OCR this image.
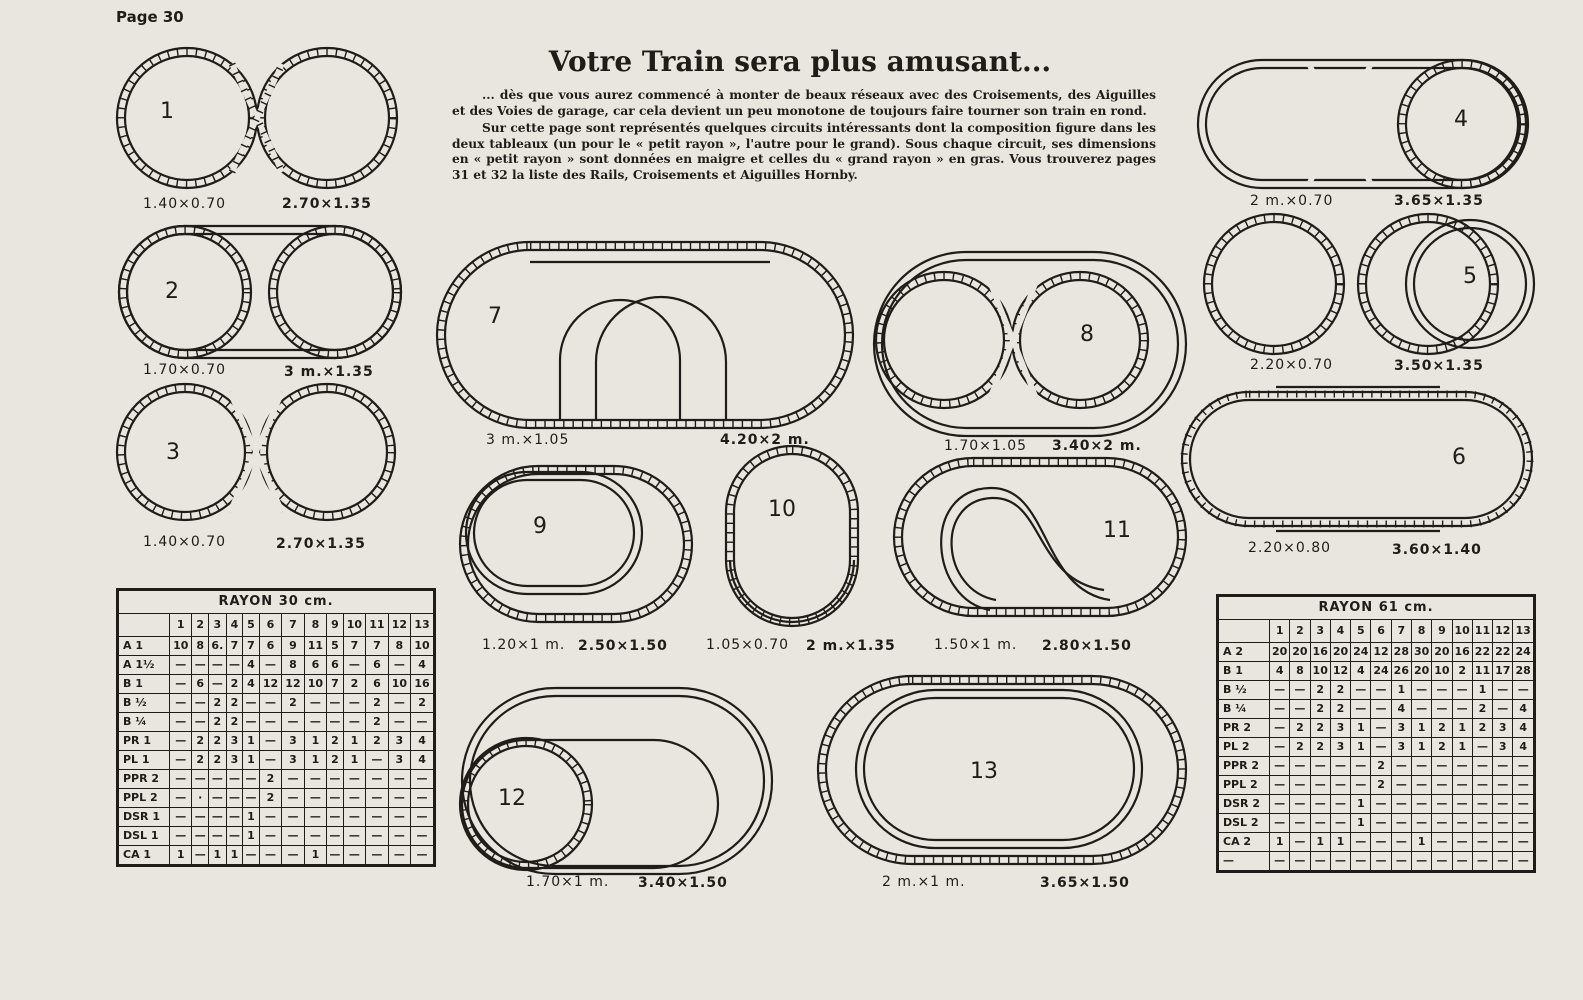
Page 30
Votre Train sera plus amusant...

... dès que vous aurez commencé à monter de beaux réseaux avec des Croisements, des Aiguilles et des Voies de garage, car cela devient un peu monotone de toujours faire tourner son train en rond.

Sur cette page sont représentés quelques circuits intéressants dont la composition figure dans les deux tableaux (un pour le « petit rayon », l'autre pour le grand). Sous chaque circuit, ses dimensions en « petit rayon » sont données en maigre et celles du « grand rayon » en gras. Vous trouverez pages 31 et 32 la liste des Rails, Croisements et Aiguilles Hornby.

1
2
3
4
5
6
7
8
9
10
11
12
13
1.40×0.70	2.70×1.35
1.70×0.70	3 m.×1.35
1.40×0.70	2.70×1.35
2 m.×0.70	3.65×1.35
2.20×0.70	3.50×1.35
2.20×0.80	3.60×1.40
3 m.×1.05	4.20×2 m.	1.70×1.05 3.40×2 m.
1.20×1 m. 2.50×1.50	1.05×0.70 2 m.×1.35	1.50×1 m. 2.80×1.50
1.70×1 m. 3.40×1.50	2 m.×1 m.	3.65×1.50
RAYON 30 cm.													
	1	2	3	4	5	6	7	8	9	10	11	12	13
A 1	10	8	6.	7	7	6	9	11	5	7	7	8	10
A 1½	—	—	—	—	4	—	8	6	6	—	6	—	4
B 1	—	6	—	2	4	12	12	10	7	2	6	10	16
B ½	—	—	2	2	—	—	2	—	—	—	2	—	2
B ¼	—	—	2	2	—	—	—	—	—	—	2	—	—
PR 1	—	2	2	3	1	—	3	1	2	1	2	3	4
PL 1	—	2	2	3	1	—	3	1	2	1	—	3	4
PPR 2	—	—	—	—	—	2	—	—	—	—	—	—	—
PPL 2	—	·	—	—	—	2	—	—	—	—	—	—	—
DSR 1	—	—	—	—	1	—	—	—	—	—	—	—	—
DSL 1	—	—	—	—	1	—	—	—	—	—	—	—	—
CA 1	1	—	1	1	—	—	—	1	—	—	—	—	—
RAYON 61 cm.													
	1	2	3	4	5	6	7	8	9	10	11	12	13
A 2	20	20	16	20	24	12	28	30	20	16	22	22	24
B 1	4	8	10	12	4	24	26	20	10	2	11	17	28
B ½	—	—	2	2	—	—	1	—	—	—	1	—	—
B ¼	—	—	2	2	—	—	4	—	—	—	2	—	4
PR 2	—	2	2	3	1	—	3	1	2	1	2	3	4
PL 2	—	2	2	3	1	—	3	1	2	1	—	3	4
PPR 2	—	—	—	—	—	2	—	—	—	—	—	—	—
PPL 2	—	—	—	—	—	2	—	—	—	—	—	—	—
DSR 2	—	—	—	—	1	—	—	—	—	—	—	—	—
DSL 2	—	—	—	—	1	—	—	—	—	—	—	—	—
CA 2	1	—	1	1	—	—	—	1	—	—	—	—	—
—	—	—	—	—	—	—	—	—	—	—	—	—	—
